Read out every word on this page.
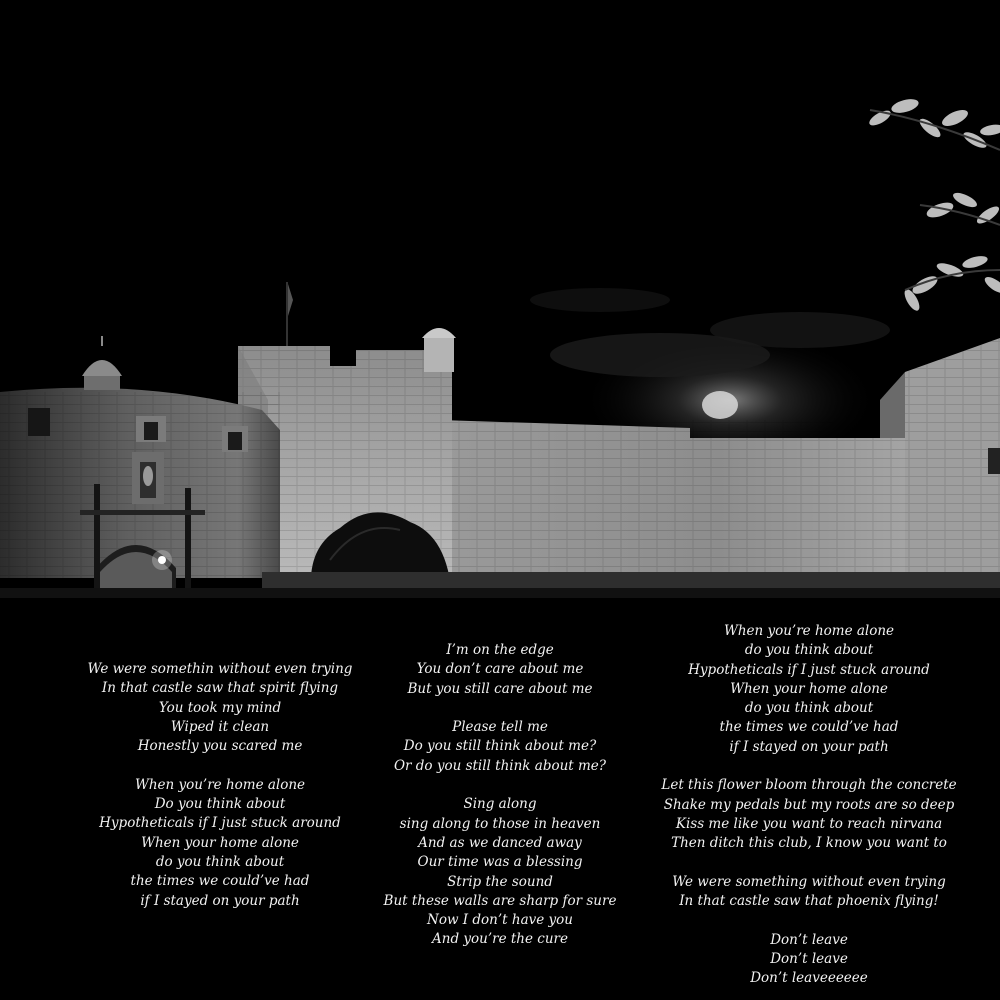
We were somethin without even trying
In that castle saw that spirit flying
You took my mind
Wiped it clean
Honestly you scared me
When you’re home alone
Do you think about
Hypotheticals if I just stuck around
When your home alone
do you think about
the times we could’ve had
if I stayed on your path
I’m on the edge
You don’t care about me
But you still care about me
Please tell me
Do you still think about me?
Or do you still think about me?
Sing along
sing along to those in heaven
And as we danced away
Our time was a blessing
Strip the sound
But these walls are sharp for sure
Now I don’t have you
And you’re the cure
When you’re home alone
do you think about
Hypotheticals if I just stuck around
When your home alone
do you think about
the times we could’ve had
if I stayed on your path
Let this flower bloom through the concrete
Shake my pedals but my roots are so deep
Kiss me like you want to reach nirvana
Then ditch this club, I know you want to
We were something without even trying
In that castle saw that phoenix flying!
Don’t leave
Don’t leave
Don’t leaveeeeee
